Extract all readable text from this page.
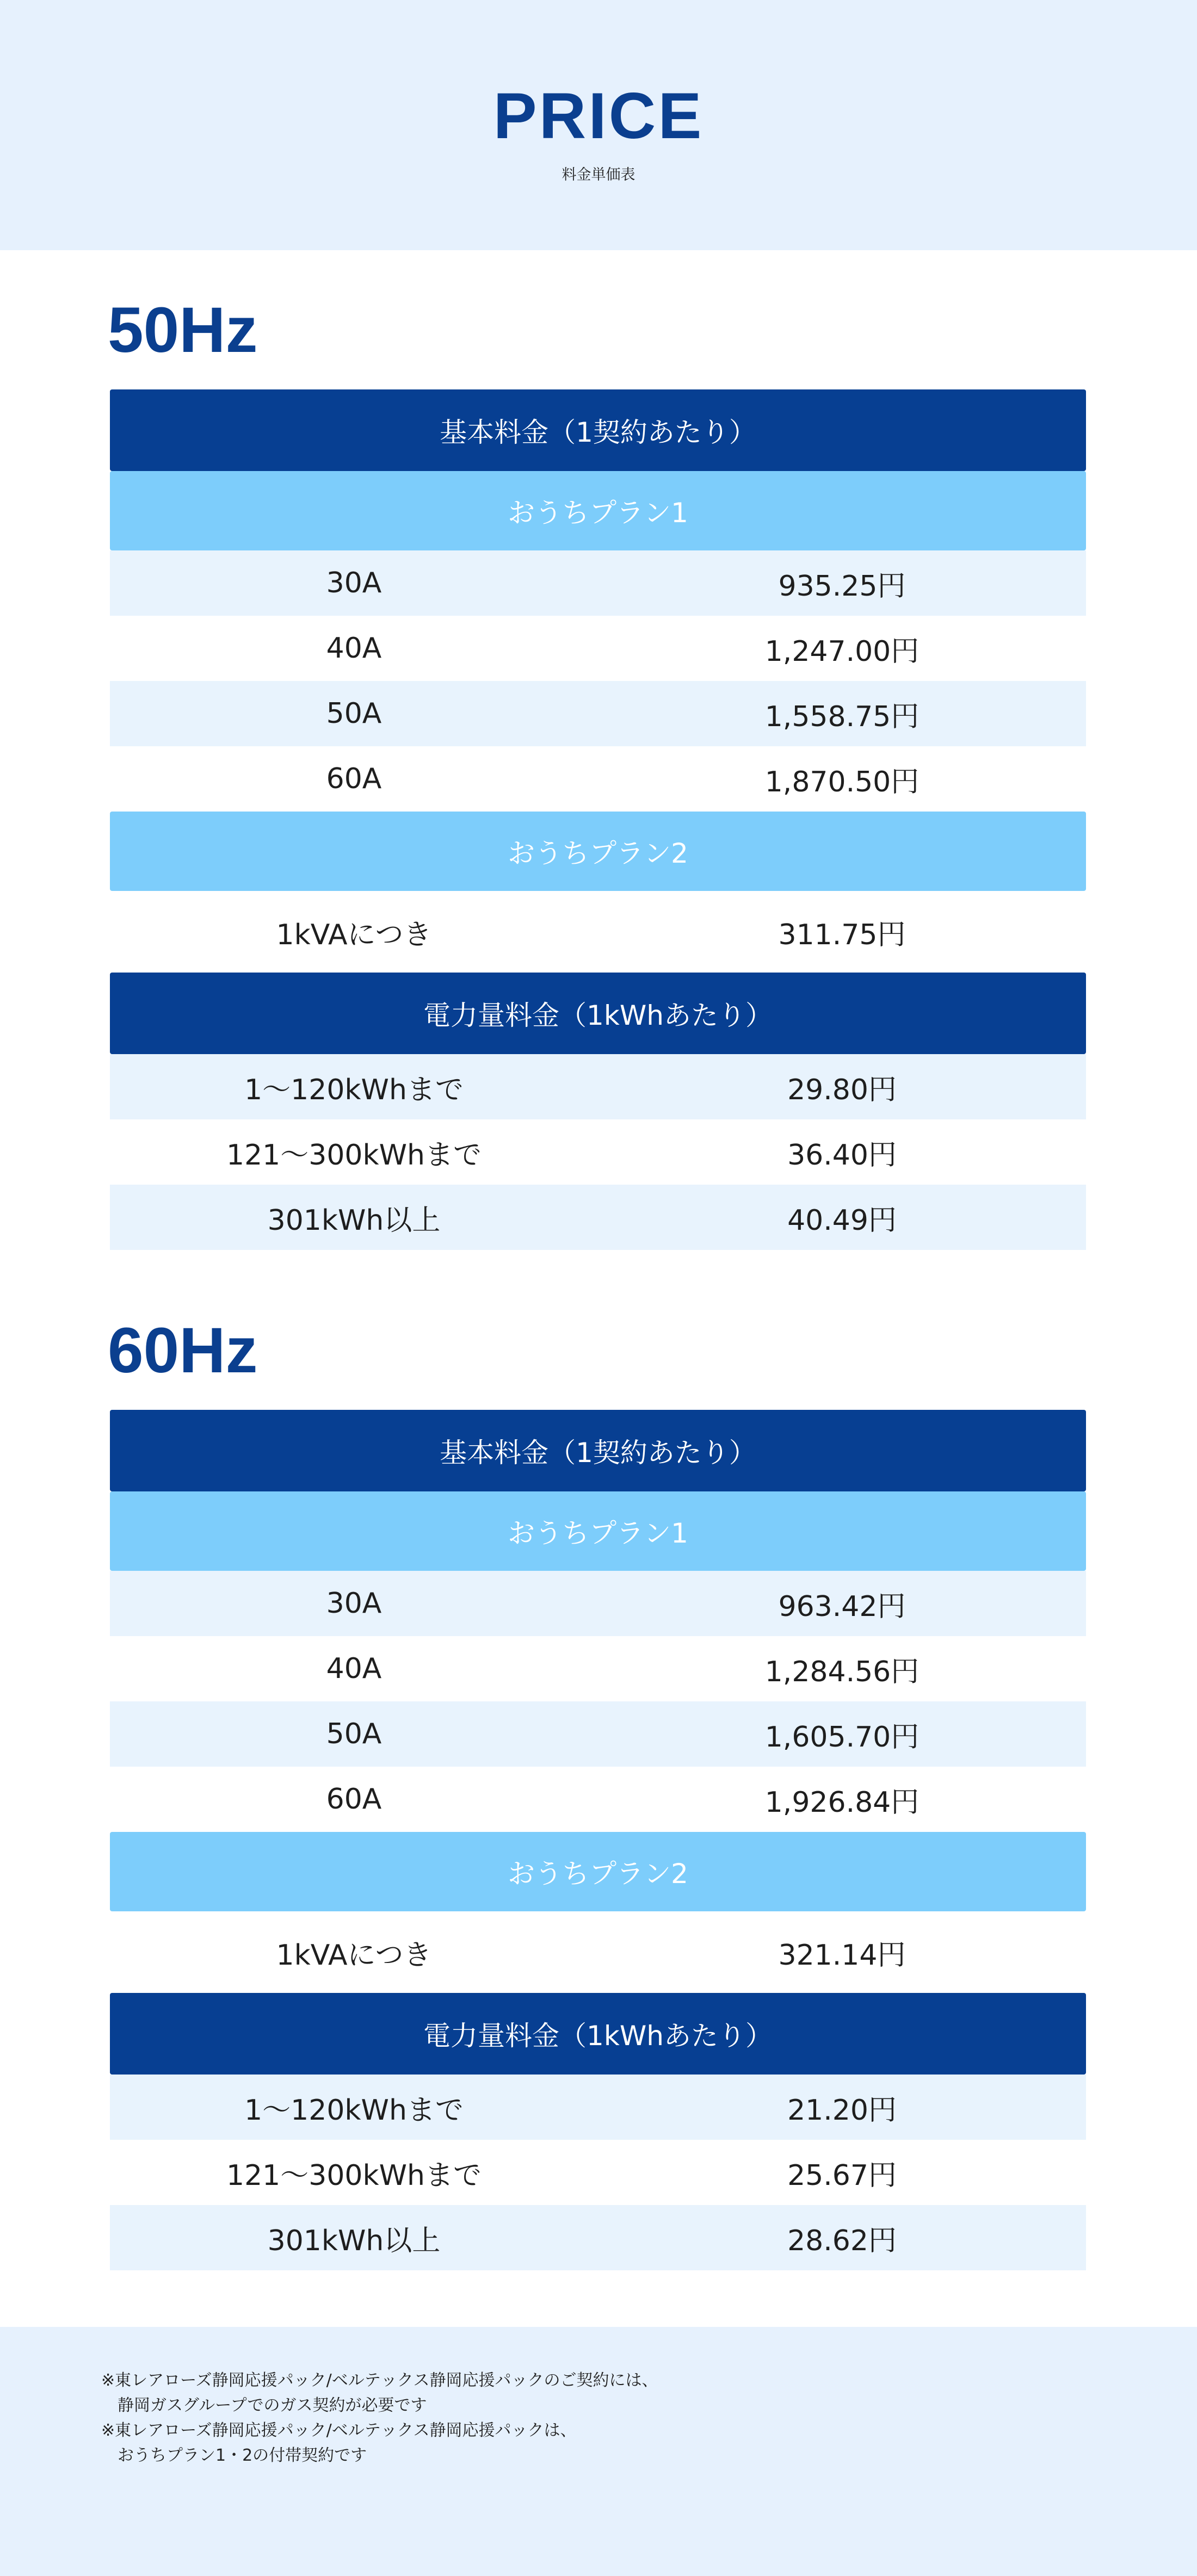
PRICE
料金単価表
50Hz
基本料金（1契約あたり）
おうちプラン1
30A	935.25円
40A	1,247.00円
50A	1,558.75円
60A	1,870.50円
おうちプラン2
1kVAにつき	311.75円
電力量料金（1kWhあたり）
1〜120kWhまで	29.80円
121〜300kWhまで	36.40円
301kWh以上	40.49円
60Hz
基本料金（1契約あたり）
おうちプラン1
30A	963.42円
40A	1,284.56円
50A	1,605.70円
60A	1,926.84円
おうちプラン2
1kVAにつき	321.14円
電力量料金（1kWhあたり）
1〜120kWhまで	21.20円
121〜300kWhまで	25.67円
301kWh以上	28.62円
※東レアローズ静岡応援パック/ベルテックス静岡応援パックのご契約には、
　静岡ガスグループでのガス契約が必要です
※東レアローズ静岡応援パック/ベルテックス静岡応援パックは、
　おうちプラン1・2の付帯契約です
